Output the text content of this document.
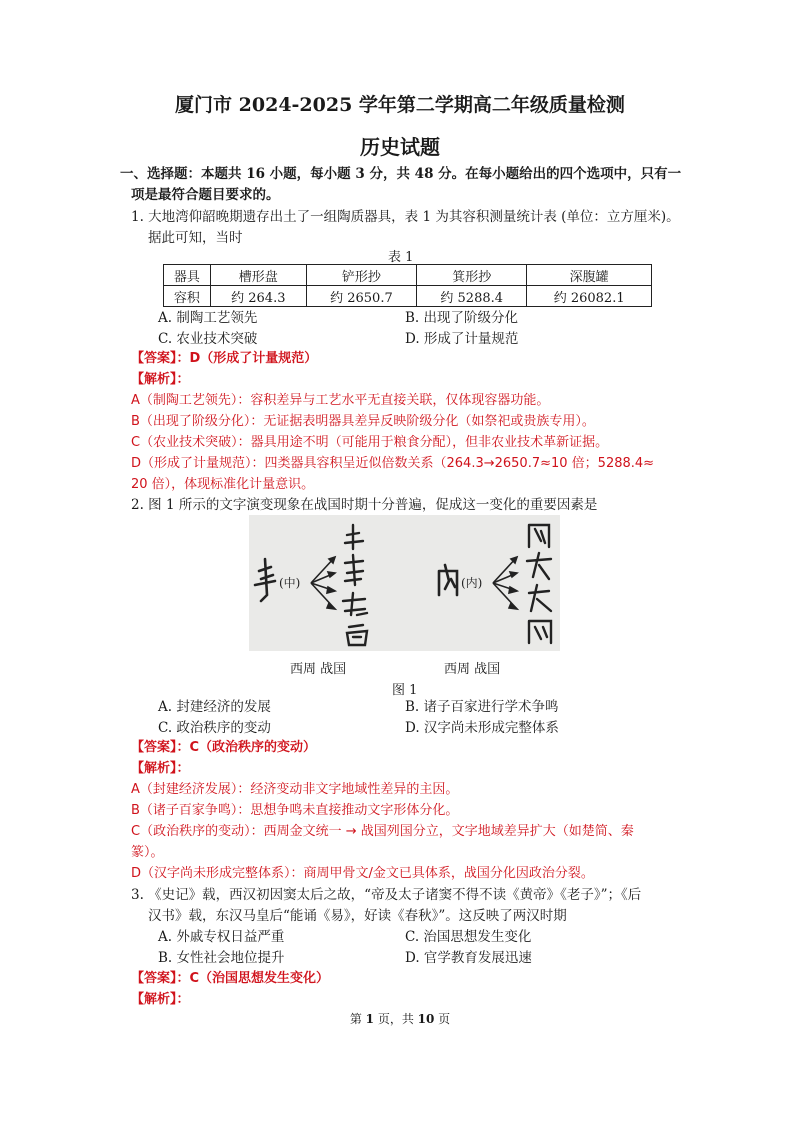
厦门市 2024-2025 学年第二学期高二年级质量检测
历史试题
一、选择题：本题共 16 小题，每小题 3 分，共 48 分。在每小题给出的四个选项中，只有一
项是最符合题目要求的。
1. 大地湾仰韶晚期遗存出土了一组陶质器具，表 1 为其容积测量统计表 (单位：立方厘米)。
据此可知，当时
表 1
器具	槽形盘	铲形抄	箕形抄	深腹罐
容积	约 264.3	约 2650.7	约 5288.4	约 26082.1
A. 制陶工艺领先	B. 出现了阶级分化
C. 农业技术突破	D. 形成了计量规范
【答案】：D（形成了计量规范）
【解析】：
A（制陶工艺领先）：容积差异与工艺水平无直接关联，仅体现容器功能。
B（出现了阶级分化）：无证据表明器具差异反映阶级分化（如祭祀或贵族专用）。
C（农业技术突破）：器具用途不明（可能用于粮食分配），但非农业技术革新证据。
D（形成了计量规范）：四类器具容积呈近似倍数关系（264.3→2650.7≈10 倍；5288.4≈
20 倍），体现标准化计量意识。
2. 图 1 所示的文字演变现象在战国时期十分普遍，促成这一变化的重要因素是
(中)	(内)
西周 战国	西周 战国
图 1
A. 封建经济的发展	B. 诸子百家进行学术争鸣
C. 政治秩序的变动	D. 汉字尚未形成完整体系
【答案】：C（政治秩序的变动）
【解析】：
A（封建经济发展）：经济变动非文字地域性差异的主因。
B（诸子百家争鸣）：思想争鸣未直接推动文字形体分化。
C（政治秩序的变动）：西周金文统一 → 战国列国分立，文字地域差异扩大（如楚简、秦
篆）。
D（汉字尚未形成完整体系）：商周甲骨文/金文已具体系，战国分化因政治分裂。
3. 《史记》载，西汉初因窦太后之故，“帝及太子诸窦不得不读《黄帝》《老子》”；《后
汉书》载，东汉马皇后“能诵《易》，好读《春秋》”。这反映了两汉时期
A. 外戚专权日益严重	C. 治国思想发生变化
B. 女性社会地位提升	D. 官学教育发展迅速
【答案】：C（治国思想发生变化）
【解析】：
第 1 页，共 10 页
